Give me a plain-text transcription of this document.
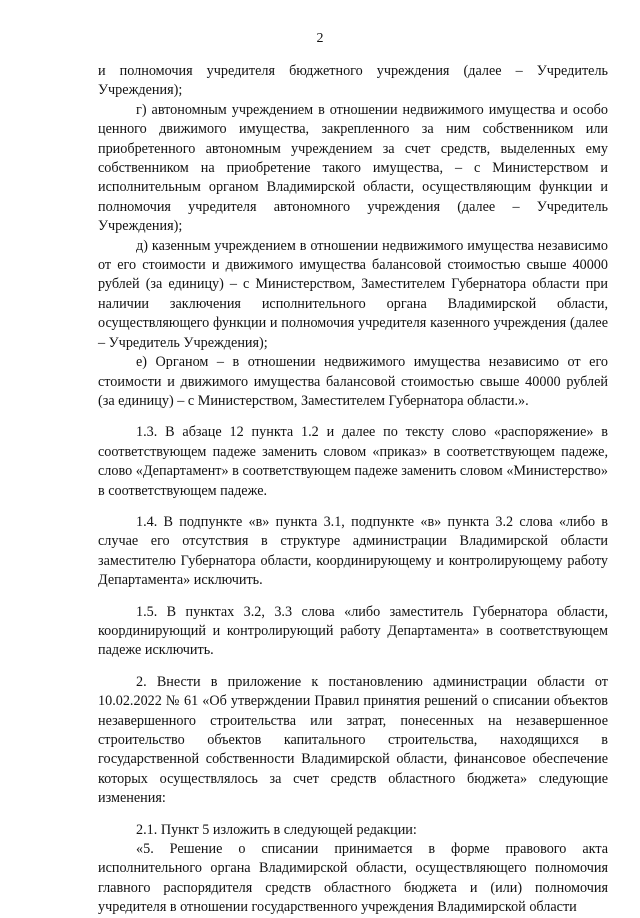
2

и полномочия учредителя бюджетного учреждения (далее – Учредитель Учреждения);

г) автономным учреждением в отношении недвижимого имущества и особо ценного движимого имущества, закрепленного за ним собственником или приобретенного автономным учреждением за счет средств, выделенных ему собственником на приобретение такого имущества, – с Министерством и исполнительным органом Владимирской области, осуществляющим функции и полномочия учредителя автономного учреждения (далее – Учредитель Учреждения);

д) казенным учреждением в отношении недвижимого имущества независимо от его стоимости и движимого имущества балансовой стоимостью свыше 40000 рублей (за единицу) – с Министерством, Заместителем Губернатора области при наличии заключения исполнительного органа Владимирской области, осуществляющего функции и полномочия учредителя казенного учреждения (далее – Учредитель Учреждения);

е) Органом – в отношении недвижимого имущества независимо от его стоимости и движимого имущества балансовой стоимостью свыше 40000 рублей (за единицу) – с Министерством, Заместителем Губернатора области.».

1.3. В абзаце 12 пункта 1.2 и далее по тексту слово «распоряжение» в соответствующем падеже заменить словом «приказ» в соответствующем падеже, слово «Департамент» в соответствующем падеже заменить словом «Министерство» в соответствующем падеже.

1.4. В подпункте «в» пункта 3.1, подпункте «в» пункта 3.2 слова «либо в случае его отсутствия в структуре администрации Владимирской области заместителю Губернатора области, координирующему и контролирующему работу Департамента» исключить.

1.5. В пунктах 3.2, 3.3 слова «либо заместитель Губернатора области, координирующий и контролирующий работу Департамента» в соответствующем падеже исключить.

2. Внести в приложение к постановлению администрации области от 10.02.2022 № 61 «Об утверждении Правил принятия решений о списании объектов незавершенного строительства или затрат, понесенных на незавершенное строительство объектов капитального строительства, находящихся в государственной собственности Владимирской области, финансовое обеспечение которых осуществлялось за счет средств областного бюджета» следующие изменения:

2.1. Пункт 5 изложить в следующей редакции:

«5. Решение о списании принимается в форме правового акта исполнительного органа Владимирской области, осуществляющего полномочия главного распорядителя средств областного бюджета и (или) полномочия учредителя в отношении государственного учреждения Владимирской области
